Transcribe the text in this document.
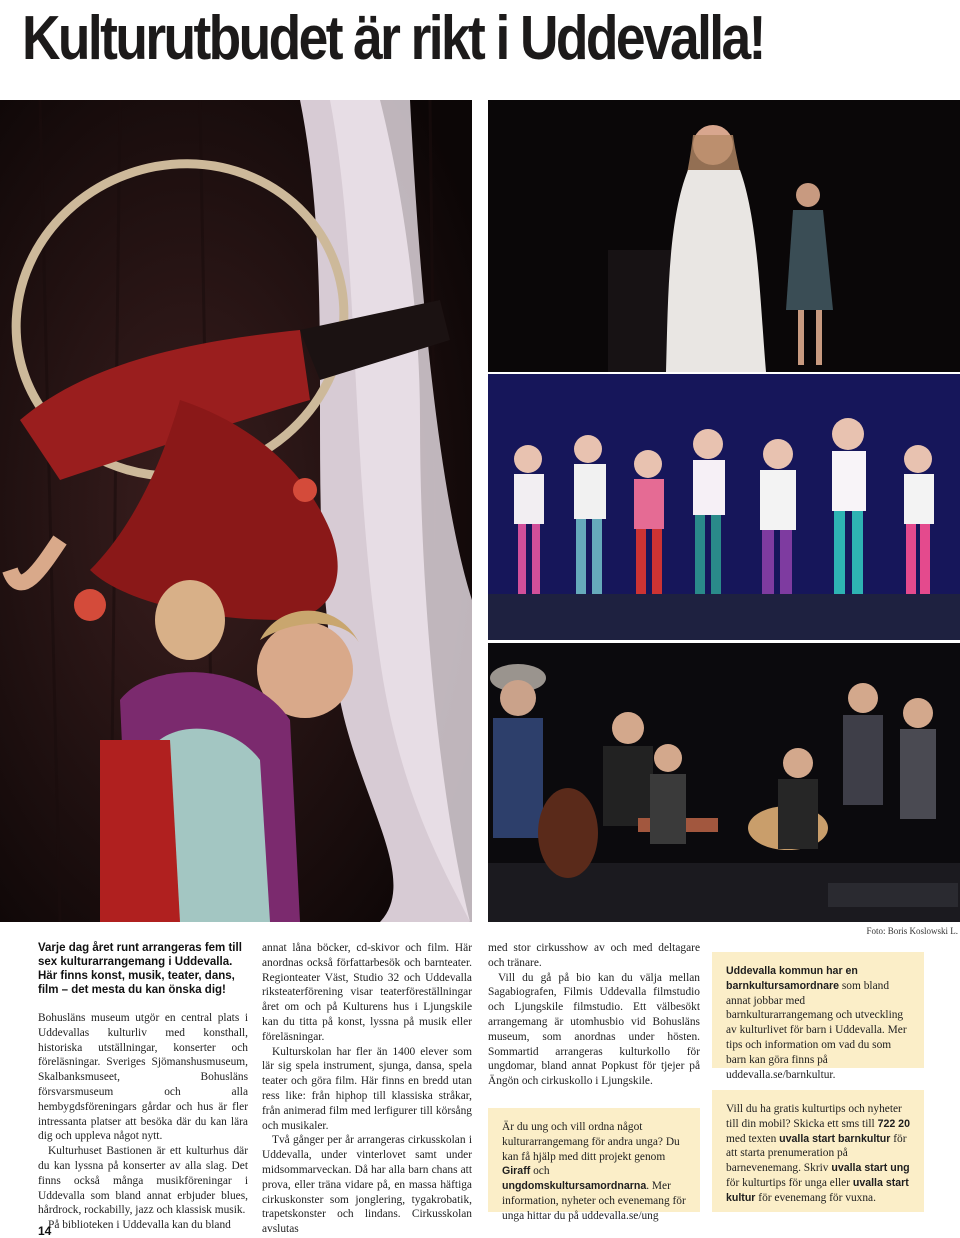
Kulturutbudet är rikt i Uddevalla!
Foto: Boris Koslowski L.
Varje dag året runt arrangeras fem till sex kulturarrangemang i Uddevalla. Här finns konst, musik, teater, dans, film – det mesta du kan önska dig!

Bohusläns museum utgör en central plats i Uddevallas kulturliv med konsthall, historiska utställningar, konserter och föreläsningar. Sveriges Sjömanshusmuseum, Skalbanksmuseet, Bohusläns försvarsmuseum och alla hembygdsföreningars gårdar och hus är fler intressanta platser att besöka där du kan lära dig och uppleva något nytt.

Kulturhuset Bastionen är ett kulturhus där du kan lyssna på konserter av alla slag. Det finns också många musikföreningar i Uddevalla som bland annat erbjuder blues, hårdrock, rockabilly, jazz och klassisk musik.

På biblioteken i Uddevalla kan du bland

14

annat låna böcker, cd-skivor och film. Här anordnas också författarbesök och barnteater. Regionteater Väst, Studio 32 och Uddevalla riksteaterförening visar teaterföreställningar året om och på Kulturens hus i Ljungskile kan du titta på konst, lyssna på musik eller föreläsningar.

Kulturskolan har fler än 1400 elever som lär sig spela instrument, sjunga, dansa, spela teater och göra film. Här finns en bredd utan ress like: från hiphop till klassiska stråkar, från animerad film med lerfigurer till körsång och musikaler.

Två gånger per år arrangeras cirkusskolan i Uddevalla, under vinterlovet samt under midsommarveckan. Då har alla barn chans att prova, eller träna vidare på, en massa häftiga cirkuskonster som jonglering, tygakrobatik, trapetskonster och lindans. Cirkusskolan avslutas

med stor cirkusshow av och med deltagare och tränare.

Vill du gå på bio kan du välja mellan Sagabiografen, Filmis Uddevalla filmstudio och Ljungskile filmstudio. Ett välbesökt arrangemang är utomhusbio vid Bohusläns museum, som anordnas under hösten. Sommartid arrangeras kulturkollo för ungdomar, bland annat Popkust för tjejer på Ängön och cirkuskollo i Ljungskile.

Är du ung och vill ordna något kulturarrangemang för andra unga? Du kan få hjälp med ditt projekt genom Giraff och ungdomskultursamordnarna. Mer information, nyheter och evenemang för unga hittar du på uddevalla.se/ung
Uddevalla kommun har en barnkultursamordnare som bland annat jobbar med barnkulturarrangemang och utveckling av kulturlivet för barn i Uddevalla. Mer tips och information om vad du som barn kan göra finns på uddevalla.se/barnkultur.
Vill du ha gratis kulturtips och nyheter till din mobil? Skicka ett sms till 722 20 med texten uvalla start barnkultur för att starta prenumeration på barnevenemang. Skriv uvalla start ung för kulturtips för unga eller uvalla start kultur för evenemang för vuxna.
